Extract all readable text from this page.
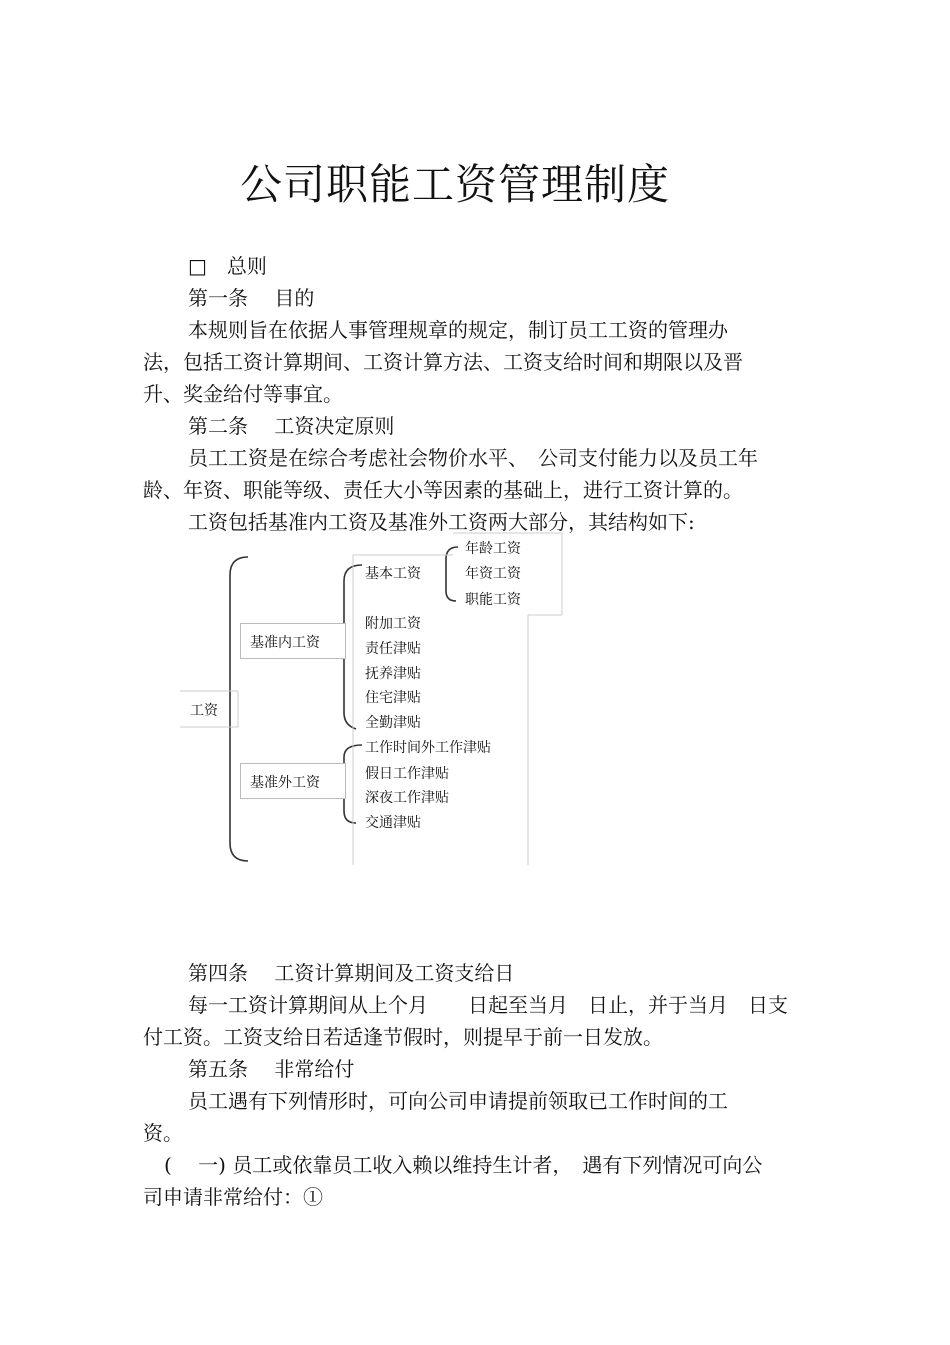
公司职能工资管理制度
□　 总则
第一条　 目的
本规则旨在依据人事管理规章的规定，制订员工工资的管理办
法，包括工资计算期间、工资计算方法、工资支给时间和期限以及晋
升、奖金给付等事宜。
第二条　 工资决定原则
员工工资是在综合考虑社会物价水平、　公司支付能力以及员工年
龄、年资、职能等级、责任大小等因素的基础上，进行工资计算的。
工资包括基准内工资及基准外工资两大部分，其结构如下:
工资
基准内工资
基准外工资
基本工资
年龄工资
年资工资
职能工资
附加工资
责任津贴
抚养津贴
住宅津贴
全勤津贴
工作时间外工作津贴
假日工作津贴
深夜工作津贴
交通津贴
第四条　 工资计算期间及工资支给日
每一工资计算期间从上个月　　日起至当月　日止，并于当月　日支
付工资。工资支给日若适逢节假时，则提早于前一日发放。
第五条　 非常给付
员工遇有下列情形时，可向公司申请提前领取已工作时间的工
资。
(　 一) 员工或依靠员工收入赖以维持生计者，　遇有下列情况可向公
司申请非常给付：①
